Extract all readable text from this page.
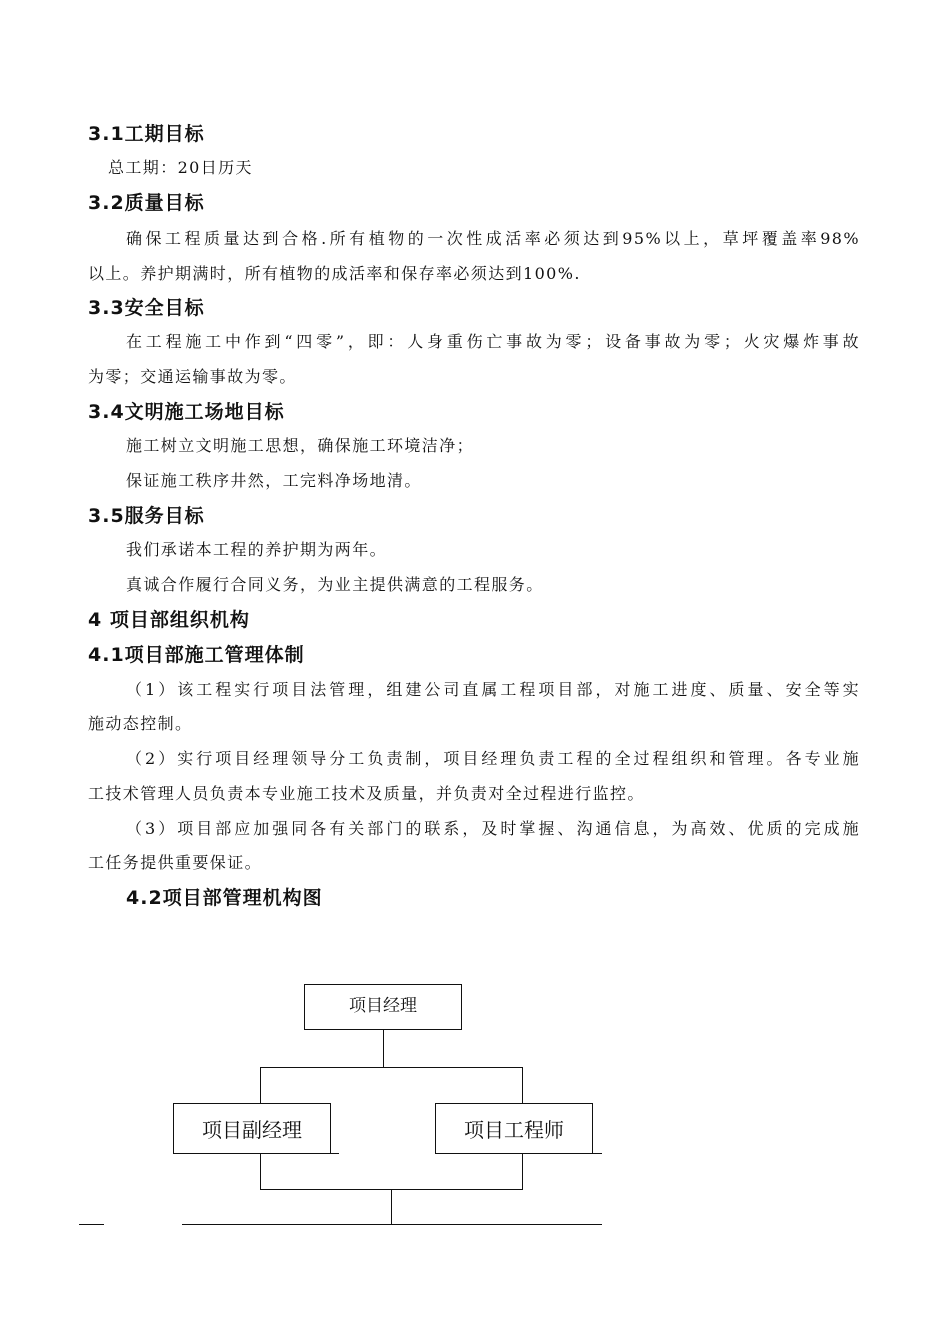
3.1工期目标
总工期：20日历天
3.2质量目标
确保工程质量达到合格.所有植物的一次性成活率必须达到95%以上，草坪覆盖率98%
以上。养护期满时，所有植物的成活率和保存率必须达到100%.
3.3安全目标
在工程施工中作到“四零”，即：人身重伤亡事故为零；设备事故为零；火灾爆炸事故
为零；交通运输事故为零。
3.4文明施工场地目标
施工树立文明施工思想，确保施工环境洁净；
保证施工秩序井然，工完料净场地清。
3.5服务目标
我们承诺本工程的养护期为两年。
真诚合作履行合同义务，为业主提供满意的工程服务。
4 项目部组织机构
4.1项目部施工管理体制
（1）该工程实行项目法管理，组建公司直属工程项目部，对施工进度、质量、安全等实
施动态控制。
（2）实行项目经理领导分工负责制，项目经理负责工程的全过程组织和管理。各专业施
工技术管理人员负责本专业施工技术及质量，并负责对全过程进行监控。
（3）项目部应加强同各有关部门的联系，及时掌握、沟通信息，为高效、优质的完成施
工任务提供重要保证。
4.2项目部管理机构图
项目经理
项目副经理	项目工程师
